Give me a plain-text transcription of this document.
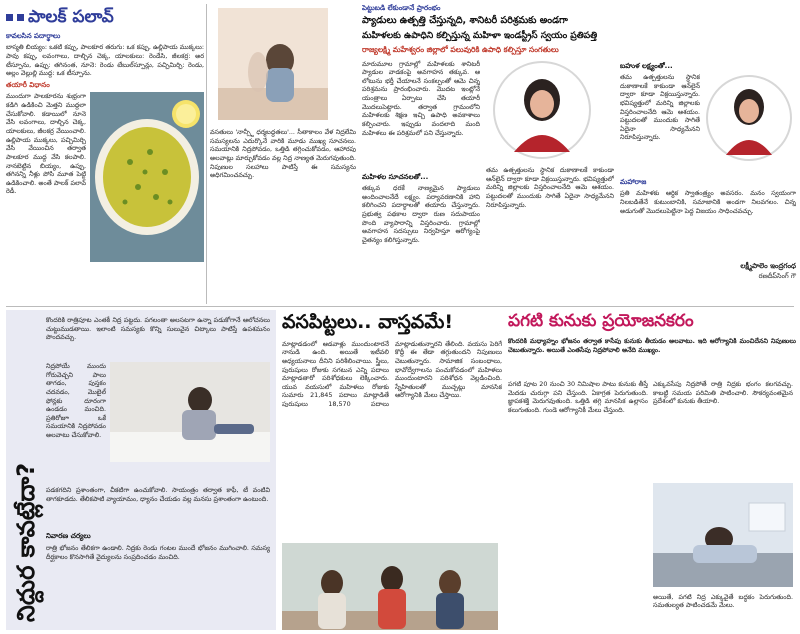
పాలక్ పలావ్
కావలసిన పదార్థాలు
బాస్మతి బియ్యం: ఒకటి కప్పు, పాలకూర తరుగు: ఒక కప్పు, ఉల్లిపాయ ముక్కలు: పావు కప్పు, లవంగాలు, దాల్చిన చెక్క, యాలకులు: రెండేసి, జీలకర్ర: అర టీస్పూను, ఉప్పు: తగినంత, నూనె: రెండు టేబుల్‌స్పూన్లు, పచ్చిమిర్చి: రెండు, అల్లం వెల్లుల్లి ముద్ద: ఒక టీస్పూను.
తయారీ విధానం
ముందుగా పాలకూరను శుభ్రంగా కడిగి ఉడికించి మెత్తని ముద్దలా చేసుకోవాలి. కడాయిలో నూనె వేసి లవంగాలు, దాల్చిన చెక్క, యాలకులు, జీలకర్ర వేయించాలి. ఉల్లిపాయ ముక్కలు, పచ్చిమిర్చి వేసి వేయించిన తర్వాత పాలకూర ముద్ద వేసి కలపాలి. నానబెట్టిన బియ్యం, ఉప్పు, తగినన్ని నీళ్లు పోసి మూత పెట్టి ఉడికించాలి. అంతే పాలక్ పలావ్ రెడీ.
వసతులు 'నాన్స్టీ ధర్మబద్ధతలు'... సీతాకాలం వేళ నిద్రలేమి సమస్యలను ఎదుర్కొనే వారికి మూడు ముఖ్య సూచనలు. సమయానికి నిద్రపోవడం, ఒత్తిడి తగ్గించుకోవడం, ఆహారపు అలవాట్లు మార్చుకోవడం వల్ల నిద్ర నాణ్యత మెరుగవుతుంది. నిపుణుల సలహాలు పాటిస్తే ఈ సమస్యను అధిగమించవచ్చు.
పెట్టుబడి లేకుండానే ప్రారంభం
ప్యాడులు ఉత్పత్తి చేస్తున్నది, శానిటరీ పరిశ్రమకు అండగా
మహిళలకు ఉపాధిని కల్పిస్తున్న మహిళా ఇండస్ట్రీస్ స్వయం ప్రతిపత్తి
రాజ్యలక్ష్మి మహేశ్వరం జిల్లాలో పలువురికి ఉపాధి కల్పిస్తూ సంగతులు
మారుమూల గ్రామాల్లో మహిళలకు శానిటరీ ప్యాడుల వాడకంపై అవగాహన తక్కువ. ఆ లోటును భర్తీ చేయాలనే సంకల్పంతో ఆమె చిన్న పరిశ్రమను ప్రారంభించారు. మొదట ఇంట్లోనే యంత్రాలు ఏర్పాటు చేసి తయారీ మొదలుపెట్టారు. తర్వాత గ్రామంలోని మహిళలకు శిక్షణ ఇచ్చి ఉపాధి అవకాశాలు కల్పించారు. ఇప్పుడు వందలాది మంది మహిళలు ఈ పరిశ్రమలో పని చేస్తున్నారు.
మహిళల సూచనలతో...
తక్కువ ధరకే నాణ్యమైన ప్యాడులు అందించాలనేదే లక్ష్యం. పర్యావరణానికి హాని కలిగించని పదార్థాలతో తయారు చేస్తున్నారు. ప్రభుత్వ పథకాల ద్వారా రుణ సదుపాయం పొంది వ్యాపారాన్ని విస్తరించారు. గ్రామాల్లో అవగాహన సదస్సులు నిర్వహిస్తూ ఆరోగ్యంపై చైతన్యం కలిగిస్తున్నారు.
తమ ఉత్పత్తులను స్థానిక దుకాణాలకే కాకుండా ఆన్‌లైన్ ద్వారా కూడా విక్రయిస్తున్నారు. భవిష్యత్తులో మరిన్ని జిల్లాలకు విస్తరించాలనేది ఆమె ఆశయం. పట్టుదలతో ముందుకు సాగితే ఏదైనా సాధ్యమేనని నిరూపిస్తున్నారు.
బహుళ లక్ష్యంతో...
తమ ఉత్పత్తులను స్థానిక దుకాణాలకే కాకుండా ఆన్‌లైన్ ద్వారా కూడా విక్రయిస్తున్నారు. భవిష్యత్తులో మరిన్ని జిల్లాలకు విస్తరించాలనేది ఆమె ఆశయం. పట్టుదలతో ముందుకు సాగితే ఏదైనా సాధ్యమేనని నిరూపిస్తున్నారు.
మహారాజ
ప్రతి మహిళకు ఆర్థిక స్వాతంత్ర్యం అవసరం. మనం స్వయంగా నిలబడితేనే కుటుంబానికి, సమాజానికి అండగా నిలవగలం. చిన్న అడుగుతో మొదలుపెట్టినా పెద్ద విజయం సాధించవచ్చు.
లక్ష్మీపాలెం ఇంద్రగంధ
రణదీప్‌సింగ్ గౌ
నిద్దుర కావట్లేదా?
కొందరికి రాత్రిపూట ఎంతకీ నిద్ర పట్టదు. పగలంతా అలసటగా ఉన్నా పడుకోగానే ఆలోచనలు చుట్టుముడతాయి. ఇలాంటి సమస్యకు కొన్ని సులువైన చిట్కాలు పాటిస్తే ఉపశమనం పొందవచ్చు.
నిద్రపోయే ముందు గోరువెచ్చని పాలు తాగడం, పుస్తకం చదవడం, మొబైల్ ఫోన్లకు దూరంగా ఉండడం మంచిది. ప్రతిరోజూ ఒకే సమయానికి నిద్రపోవడం అలవాటు చేసుకోవాలి.
పడకగదిని ప్రశాంతంగా, చీకటిగా ఉంచుకోవాలి. సాయంత్రం తర్వాత కాఫీ, టీ వంటివి తాగకూడదు. తేలికపాటి వ్యాయామం, ధ్యానం చేయడం వల్ల మనసు ప్రశాంతంగా ఉంటుంది.
నివారణ చర్యలు
రాత్రి భోజనం తేలికగా ఉండాలి. నిద్రకు రెండు గంటల ముందే భోజనం ముగించాలి. సమస్య దీర్ఘకాలం కొనసాగితే వైద్యులను సంప్రదించడం మంచిది.
వసపిట్టలు.. వాస్తవమే!
మాట్లాడడంలో ఆడవాళ్లు ముందుంటారనే నానుడి ఉంది. అయితే ఇటీవలి అధ్యయనాలు దీనిని పరిశీలించాయి. స్త్రీలు, పురుషులు రోజుకు సగటున ఎన్ని పదాలు మాట్లాడతారో పరిశోధకులు లెక్కించారు. యువ వయసులో మహిళలు రోజుకు సుమారు 21,845 పదాలు మాట్లాడితే పురుషులు 18,570 పదాలు మాట్లాడుతున్నారని తేలింది. వయసు పెరిగే కొద్దీ ఈ తేడా తగ్గుతుందని నిపుణులు చెబుతున్నారు. సామాజిక సంబంధాలు, భావోద్వేగాలను పంచుకోవడంలో మహిళలు ముందుంటారని పరిశోధన వెల్లడించింది. స్నేహితులతో ముచ్చట్లు మానసిక ఆరోగ్యానికి మేలు చేస్తాయి.
పగటి కునుకు ప్రయోజనకరం
కొందరికి మధ్యాహ్నం భోజనం తర్వాత కాసేపు కునుకు తీయడం అలవాటు. ఇది ఆరోగ్యానికి మంచిదేనని నిపుణులు చెబుతున్నారు. అయితే ఎంతసేపు నిద్రపోవాలి అనేది ముఖ్యం.
పగటి పూట 20 నుంచి 30 నిమిషాల పాటు కునుకు తీస్తే మెదడు చురుగ్గా పని చేస్తుంది. ఏకాగ్రత పెరుగుతుంది. జ్ఞాపకశక్తి మెరుగవుతుంది. ఒత్తిడి తగ్గి మానసిక ఉల్లాసం కలుగుతుంది. గుండె ఆరోగ్యానికీ మేలు చేస్తుంది.
ఎక్కువసేపు నిద్రపోతే రాత్రి నిద్రకు భంగం కలగవచ్చు. కాబట్టి సమయ పరిమితి పాటించాలి. సౌకర్యవంతమైన ప్రదేశంలో కునుకు తీయాలి.
అయితే, పగటి నిద్ర ఎక్కువైతే బద్ధకం పెరుగుతుంది. సమతుల్యత పాటించడమే మేలు.
